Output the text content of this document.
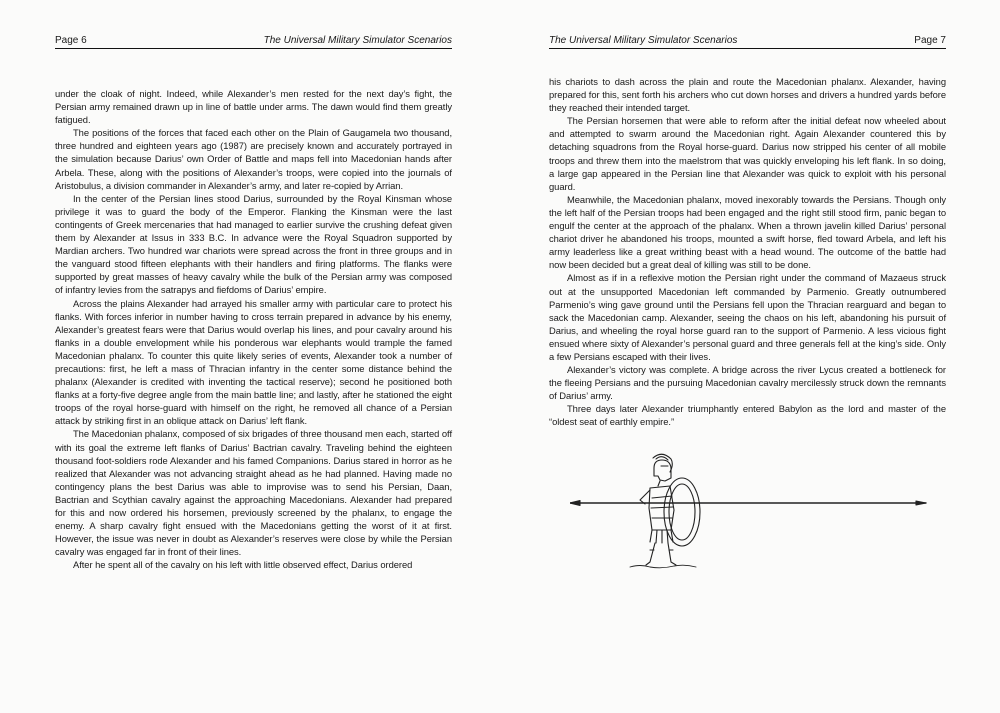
Page 6	The Universal Military Simulator Scenarios

under the cloak of night. Indeed, while Alexander’s men rested for the next day’s fight, the Persian army remained drawn up in line of battle under arms. The dawn would find them greatly fatigued.

The positions of the forces that faced each other on the Plain of Gaugamela two thousand, three hundred and eighteen years ago (1987) are precisely known and accurately portrayed in the simulation because Darius’ own Order of Battle and maps fell into Macedonian hands after Arbela. These, along with the positions of Alexander’s troops, were copied into the journals of Aristobulus, a division commander in Alexander’s army, and later re-copied by Arrian.

In the center of the Persian lines stood Darius, surrounded by the Royal Kinsman whose privilege it was to guard the body of the Emperor. Flanking the Kinsman were the last contingents of Greek mercenaries that had managed to earlier survive the crushing defeat given them by Alexander at Issus in 333 B.C. In advance were the Royal Squadron supported by Mardian archers. Two hundred war chariots were spread across the front in three groups and in the vanguard stood fifteen elephants with their handlers and firing platforms. The flanks were supported by great masses of heavy cavalry while the bulk of the Persian army was composed of infantry levies from the satrapys and fiefdoms of Darius’ empire.

Across the plains Alexander had arrayed his smaller army with particular care to protect his flanks. With forces inferior in number having to cross terrain prepared in advance by his enemy, Alexander’s greatest fears were that Darius would overlap his lines, and pour cavalry around his flanks in a double envelopment while his ponderous war elephants would trample the famed Macedonian phalanx. To counter this quite likely series of events, Alexander took a number of precautions: first, he left a mass of Thracian infantry in the center some distance behind the phalanx (Alexander is credited with inventing the tactical reserve); second he positioned both flanks at a forty-five degree angle from the main battle line; and lastly, after he stationed the eight troops of the royal horse-guard with himself on the right, he removed all chance of a Persian attack by striking first in an oblique attack on Darius’ left flank.

The Macedonian phalanx, composed of six brigades of three thousand men each, started off with its goal the extreme left flanks of Darius’ Bactrian cavalry. Traveling behind the eighteen thousand foot-soldiers rode Alexander and his famed Companions. Darius stared in horror as he realized that Alexander was not advancing straight ahead as he had planned. Having made no contingency plans the best Darius was able to improvise was to send his Persian, Daan, Bactrian and Scythian cavalry against the approaching Macedonians. Alexander had prepared for this and now ordered his horsemen, previously screened by the phalanx, to engage the enemy. A sharp cavalry fight ensued with the Macedonians getting the worst of it at first. However, the issue was never in doubt as Alexander’s reserves were close by while the Persian cavalry was engaged far in front of their lines.

After he spent all of the cavalry on his left with little observed effect, Darius ordered

The Universal Military Simulator Scenarios	Page 7

his chariots to dash across the plain and route the Macedonian phalanx. Alexander, having prepared for this, sent forth his archers who cut down horses and drivers a hundred yards before they reached their intended target.

The Persian horsemen that were able to reform after the initial defeat now wheeled about and attempted to swarm around the Macedonian right. Again Alexander countered this by detaching squadrons from the Royal horse-guard. Darius now stripped his center of all mobile troops and threw them into the maelstrom that was quickly enveloping his left flank. In so doing, a large gap appeared in the Persian line that Alexander was quick to exploit with his personal guard.

Meanwhile, the Macedonian phalanx, moved inexorably towards the Persians. Though only the left half of the Persian troops had been engaged and the right still stood firm, panic began to engulf the center at the approach of the phalanx. When a thrown javelin killed Darius’ personal chariot driver he abandoned his troops, mounted a swift horse, fled toward Arbela, and left his army leaderless like a great writhing beast with a head wound. The outcome of the battle had now been decided but a great deal of killing was still to be done.

Almost as if in a reflexive motion the Persian right under the command of Mazaeus struck out at the unsupported Macedonian left commanded by Parmenio. Greatly outnumbered Parmenio’s wing gave ground until the Persians fell upon the Thracian rearguard and began to sack the Macedonian camp. Alexander, seeing the chaos on his left, abandoning his pursuit of Darius, and wheeling the royal horse guard ran to the support of Parmenio. A less vicious fight ensued where sixty of Alexander’s personal guard and three generals fell at the king’s side. Only a few Persians escaped with their lives.

Alexander’s victory was complete. A bridge across the river Lycus created a bottleneck for the fleeing Persians and the pursuing Macedonian cavalry mercilessly struck down the remnants of Darius’ army.

Three days later Alexander triumphantly entered Babylon as the lord and master of the “oldest seat of earthly empire.”
